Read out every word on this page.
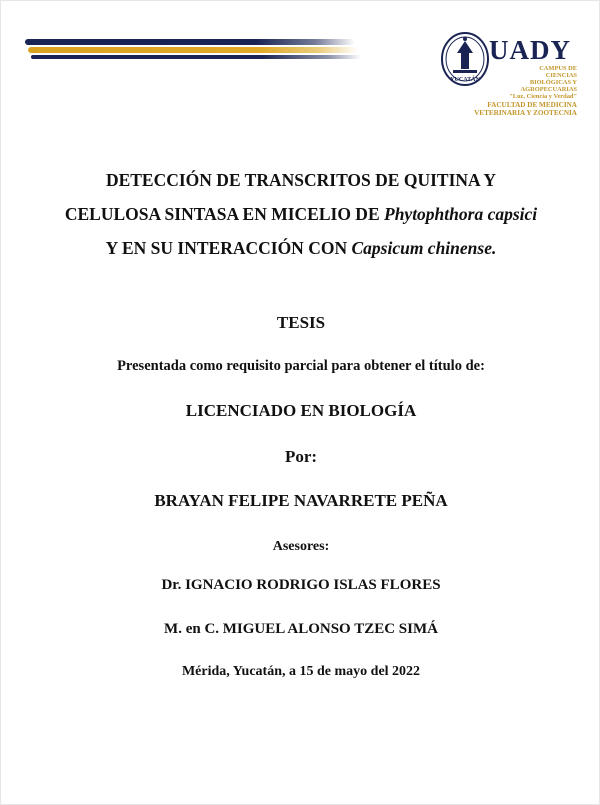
YUCATÁN
UADY
CAMPUS DE
CIENCIAS
BIOLÓGICAS Y
AGROPECUARIAS
"Luz, Ciencia y Verdad"
FACULTAD DE MEDICINA
VETERINARIA Y ZOOTECNIA
DETECCIÓN DE TRANSCRITOS DE QUITINA Y CELULOSA SINTASA EN MICELIO DE Phytophthora capsici Y EN SU INTERACCIÓN CON Capsicum chinense.
TESIS
Presentada como requisito parcial para obtener el título de:
LICENCIADO EN BIOLOGÍA
Por:
BRAYAN FELIPE NAVARRETE PEÑA
Asesores:
Dr. IGNACIO RODRIGO ISLAS FLORES
M. en C. MIGUEL ALONSO TZEC SIMÁ
Mérida, Yucatán, a 15 de mayo del 2022
